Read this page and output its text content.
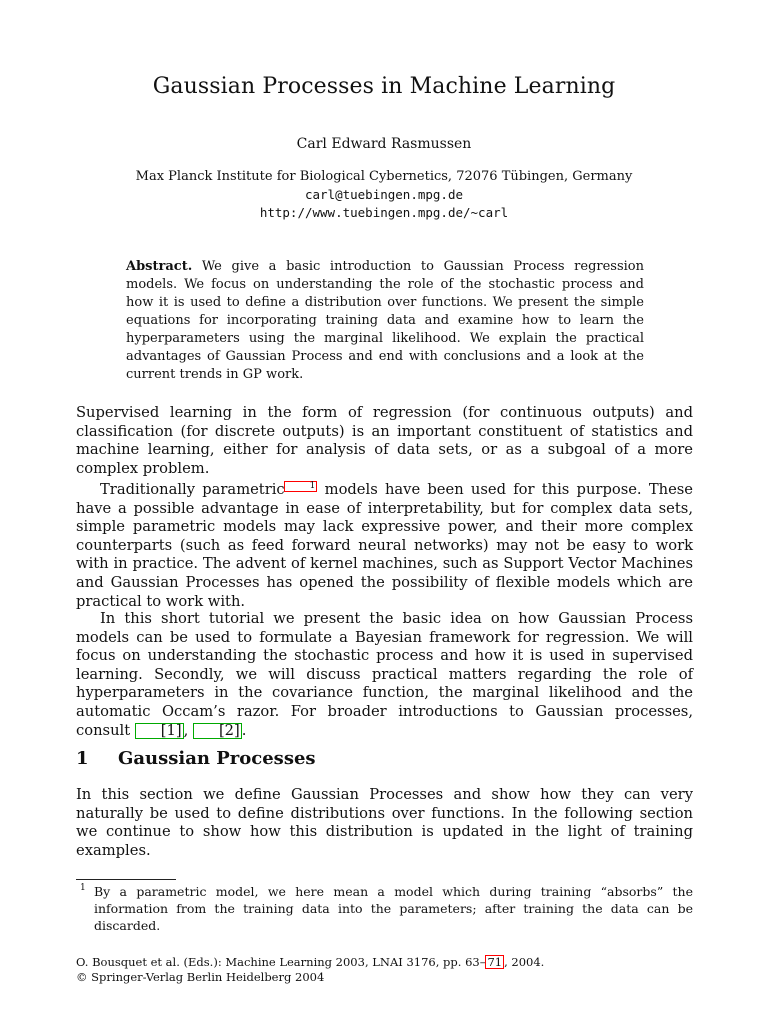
Gaussian Processes in Machine Learning
Carl Edward Rasmussen
Max Planck Institute for Biological Cybernetics, 72076 Tübingen, Germany
carl@tuebingen.mpg.de
http://www.tuebingen.mpg.de/~carl
Abstract. We give a basic introduction to Gaussian Process regression models. We focus on understanding the role of the stochastic process and how it is used to define a distribution over functions. We present the simple equations for incorporating training data and examine how to learn the hyperparameters using the marginal likelihood. We explain the practical advantages of Gaussian Process and end with conclusions and a look at the current trends in GP work.
Supervised learning in the form of regression (for continuous outputs) and classification (for discrete outputs) is an important constituent of statistics and machine learning, either for analysis of data sets, or as a subgoal of a more complex problem.
Traditionally parametric	1 models have been used for this purpose. These have a possible advantage in ease of interpretability, but for complex data sets, simple parametric models may lack expressive power, and their more complex counterparts (such as feed forward neural networks) may not be easy to work with in practice. The advent of kernel machines, such as Support Vector Machines and Gaussian Processes has opened the possibility of flexible models which are practical to work with.
In this short tutorial we present the basic idea on how Gaussian Process models can be used to formulate a Bayesian framework for regression. We will focus on understanding the stochastic process and how it is used in supervised learning. Secondly, we will discuss practical matters regarding the role of hyperparameters in the covariance function, the marginal likelihood and the automatic Occam’s razor. For broader introductions to Gaussian processes, consult [1] , [2] .
1 Gaussian Processes
In this section we define Gaussian Processes and show how they can very naturally be used to define distributions over functions. In the following section we continue to show how this distribution is updated in the light of training examples.
1 By a parametric model, we here mean a model which during training “absorbs” the information from the training data into the parameters; after training the data can be discarded.
O. Bousquet et al. (Eds.): Machine Learning 2003, LNAI 3176, pp. 63– 71 , 2004.
© Springer-Verlag Berlin Heidelberg 2004
